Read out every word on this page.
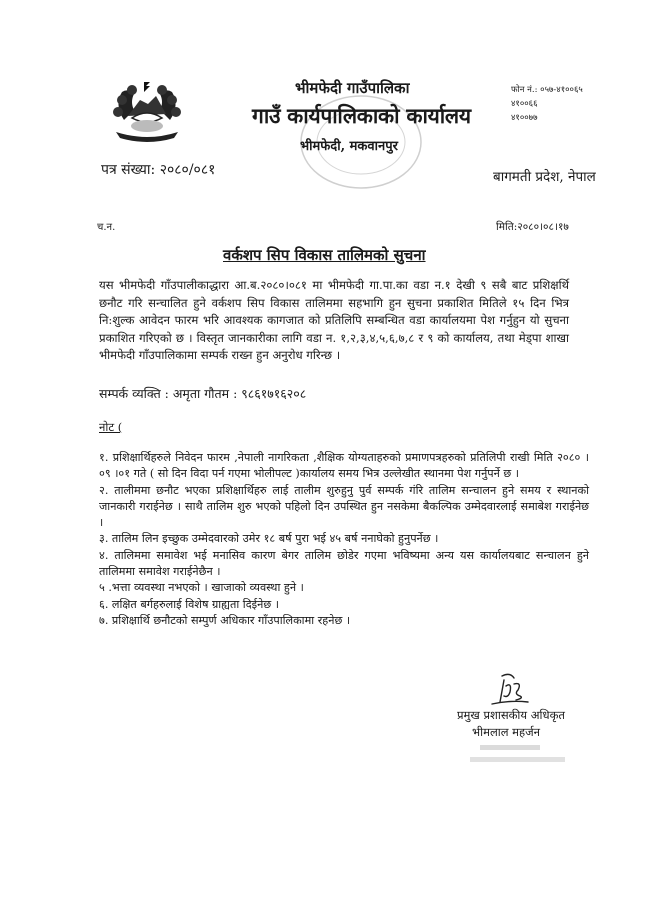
पत्र संख्या: २०८०/०८१
भीमफेदी गाउँपालिका
गाउँ कार्यपालिकाको कार्यालय
भीमफेदी, मकवानपुर
फोन नं.: ०५७-४१००६५
४१००६६
४१००७७
बागमती प्रदेश, नेपाल
च.न.	मिति:२०८०।०८।१७
वर्कशप सिप विकास तालिमको सुचना
यस भीमफेदी गाँउपालीकाद्धारा आ.ब.२०८०।०८१ मा भीमफेदी गा.पा.का वडा न.१ देखी ९ सबै बाट प्रशिक्षर्थि छनौट गरि सन्चालित हुने वर्कशप सिप विकास तालिममा सहभागि हुन सुचना प्रकाशित मितिले १५ दिन भित्र नि:शुल्क आवेदन फारम भरि आवश्यक कागजात को प्रतिलिपि सम्बन्धित वडा कार्यालयमा पेश गर्नुहुन यो सुचना प्रकाशित गरिएको छ । विस्तृत जानकारीका लागि वडा न. १,२,३,४,५,६,७,८ र ९ को कार्यालय, तथा मेड्पा शाखा भीमफेदी गाँउपालिकामा सम्पर्क राख्न हुन अनुरोध गरिन्छ ।
सम्पर्क व्यक्ति : अमृता गौतम : ९८६१७१६२०८
नोट (
१. प्रशिक्षार्थिहरुले निवेदन फारम ,नेपाली नागरिकता ,शैक्षिक योग्यताहरुको प्रमाणपत्रहरुको प्रतिलिपी राखी मिति २०८० ।०९ ।०१ गते ( सो दिन विदा पर्न गएमा भोलीपल्ट )कार्यालय समय भित्र उल्लेखीत स्थानमा पेश गर्नुपर्ने छ ।
२. तालीममा छनौट भएका प्रशिक्षार्थिहरु लाई तालीम शुरुहुनु पुर्व सम्पर्क गंरि तालिम सन्चालन हुने समय र स्थानको जानकारी गराईनेछ । साथै तालिम शुरु भएको पहिलो दिन उपस्थित हुन नसकेमा बैकल्पिक उम्मेदवारलाई समाबेश गराईनेछ ।
३. तालिम लिन इच्छुक उम्मेदवारको उमेर १८ बर्ष पुरा भई ४५ बर्ष ननाघेको हुनुपर्नेछ ।
४. तालिममा समावेश भई मनासिव कारण बेगर तालिम छोडेर गएमा भविष्यमा अन्य यस कार्यालयबाट सन्चालन हुने तालिममा समावेश गराईनेछैन ।
५ .भत्ता व्यवस्था नभएको । खाजाको व्यवस्था हुने ।
६. लक्षित बर्गहरुलाई विशेष ग्राह्यता दिईनेछ ।
७. प्रशिक्षार्थि छनौटको सम्पुर्ण अधिकार गाँउपालिकामा रहनेछ ।
प्रमुख प्रशासकीय अधिकृत
भीमलाल महर्जन
